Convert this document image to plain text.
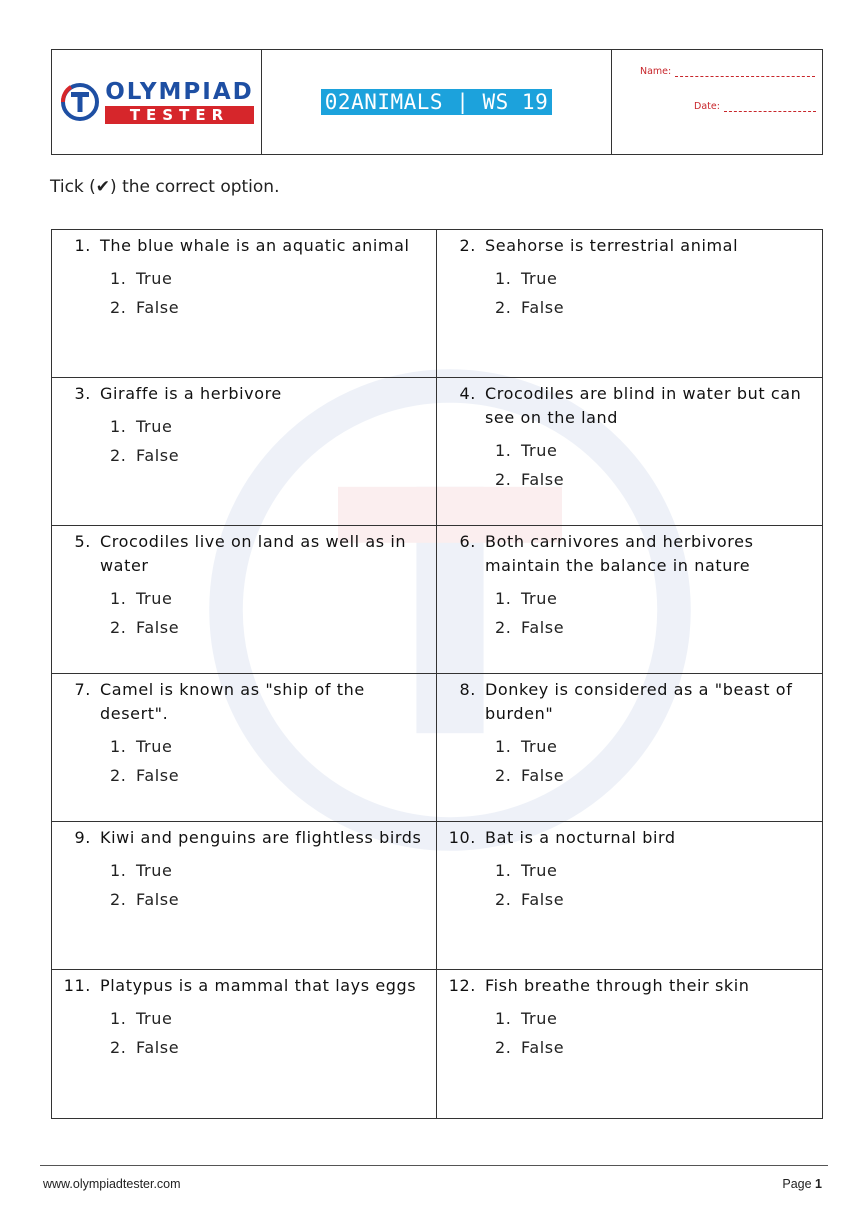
OLYMPIAD
TESTER
02ANIMALS | WS 19
Name:
Date:
Tick (✔) the correct option.
1. The blue whale is an aquatic animal
1. True
2. False
2. Seahorse is terrestrial animal
1. True
2. False
3. Giraffe is a herbivore
1. True
2. False
4. Crocodiles are blind in water but can see on the land
1. True
2. False
5. Crocodiles live on land as well as in water
1. True
2. False
6. Both carnivores and herbivores maintain the balance in nature
1. True
2. False
7. Camel is known as "ship of the desert".
1. True
2. False
8. Donkey is considered as a "beast of burden"
1. True
2. False
9. Kiwi and penguins are flightless birds
1. True
2. False
10. Bat is a nocturnal bird
1. True
2. False
11. Platypus is a mammal that lays eggs
1. True
2. False
12. Fish breathe through their skin
1. True
2. False
www.olympiadtester.com	Page 1
